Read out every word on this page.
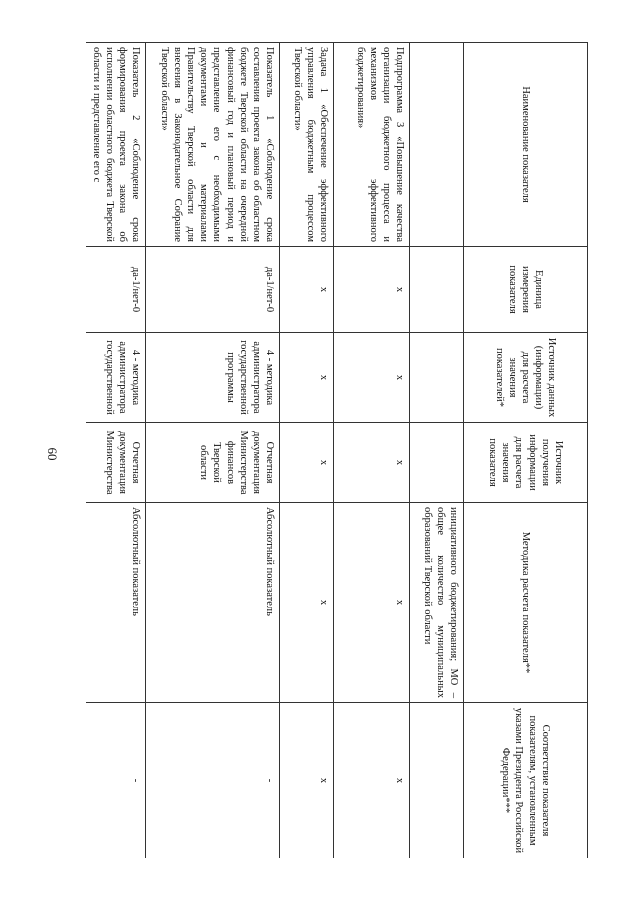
60
Наименование показателя	Единица измерения показателя	Источник данных (информации) для расчета значения показателей*	Источник получения информации для расчета значения показателя	Методика расчета показателя**	Соответствие показателя показателям, установленным указами Президента Российской Федерации***
				инициативного бюджетирования; MO – общее количество муниципальных образований Тверской области	
Подпрограмма 3 «Повышение качества организации бюджетного процесса и механизмов эффективного бюджетирования»	х	х	х	х	х
Задача 1 «Обеспечение эффективного управления бюджетным процессом Тверской области»	х	х	х	х	х
Показатель 1 «Соблюдение срока составления проекта закона об областном бюджете Тверской области на очередной финансовый год и плановый период и представление его с необходимыми документами и материалами Правительству Тверской области для внесения в Законодательное Собрание Тверской области»	да-1/нет-0	4 - методика администратора государственной программы	Отчетная документация Министерства финансов Тверской области	Абсолютный показатель	-
Показатель 2 «Соблюдение срока формирования проекта закона об исполнении областного бюджета Тверской области и представление его с	да-1/нет-0	4 - методика администратора государственной	Отчетная документация Министерства	Абсолютный показатель	-
